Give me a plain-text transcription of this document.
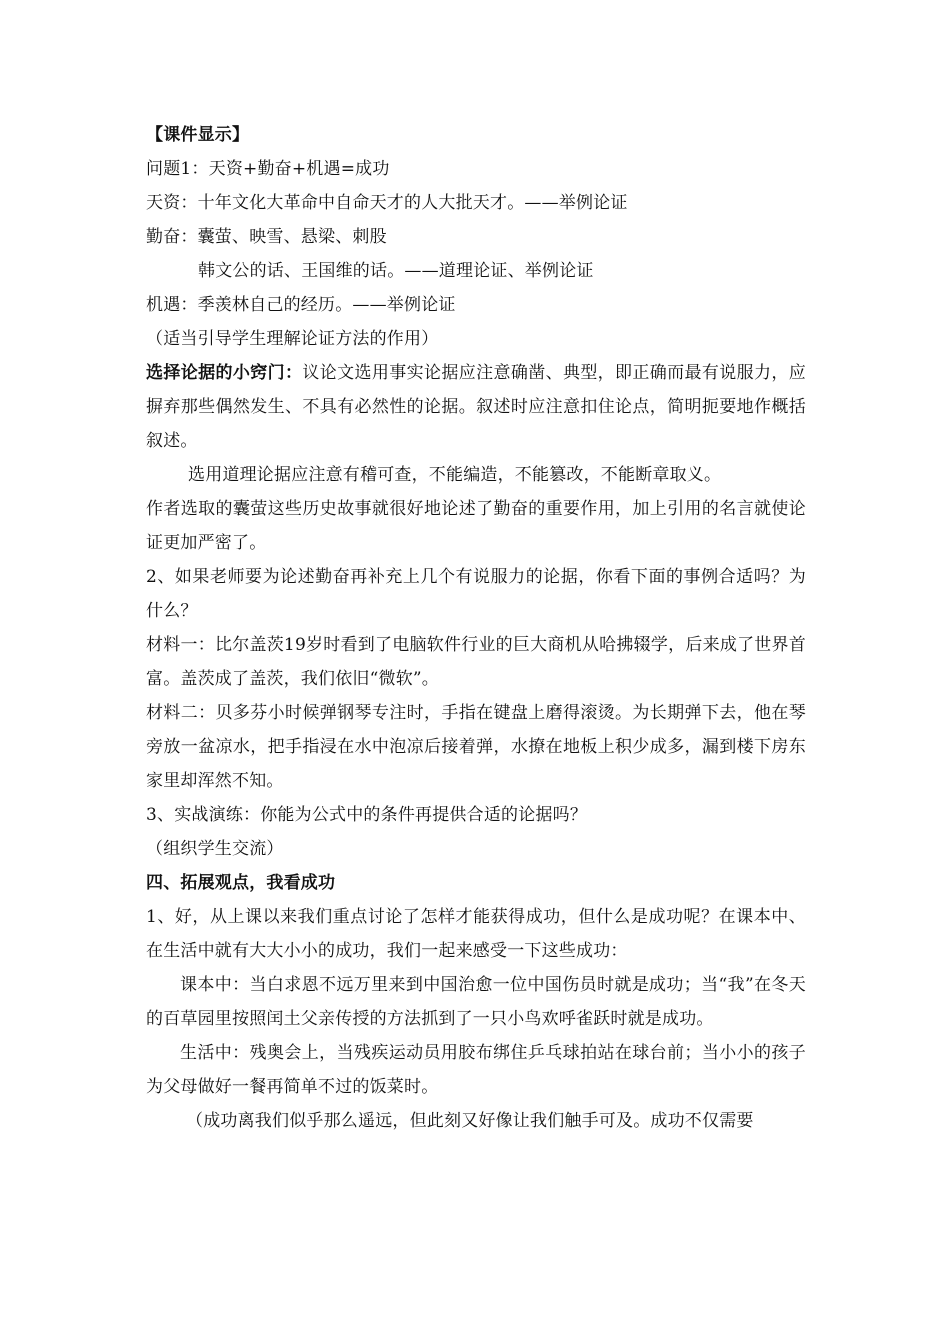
【课件显示】

问题1：天资+勤奋+机遇=成功

天资：十年文化大革命中自命天才的人大批天才。——举例论证

勤奋：囊萤、映雪、悬梁、刺股

韩文公的话、王国维的话。——道理论证、举例论证

机遇：季羡林自己的经历。——举例论证

（适当引导学生理解论证方法的作用）

选择论据的小窍门：议论文选用事实论据应注意确凿、典型，即正确而最有说服力，应摒弃那些偶然发生、不具有必然性的论据。叙述时应注意扣住论点，简明扼要地作概括叙述。

选用道理论据应注意有稽可查，不能编造，不能篡改，不能断章取义。

作者选取的囊萤这些历史故事就很好地论述了勤奋的重要作用，加上引用的名言就使论证更加严密了。

2、如果老师要为论述勤奋再补充上几个有说服力的论据，你看下面的事例合适吗？为什么？

材料一：比尔盖茨19岁时看到了电脑软件行业的巨大商机从哈拂辍学，后来成了世界首富。盖茨成了盖茨，我们依旧“微软”。

材料二：贝多芬小时候弹钢琴专注时，手指在键盘上磨得滚烫。为长期弹下去，他在琴旁放一盆凉水，把手指浸在水中泡凉后接着弹，水撩在地板上积少成多，漏到楼下房东家里却浑然不知。

3、实战演练：你能为公式中的条件再提供合适的论据吗？

（组织学生交流）

四、拓展观点，我看成功

1、好，从上课以来我们重点讨论了怎样才能获得成功，但什么是成功呢？在课本中、在生活中就有大大小小的成功，我们一起来感受一下这些成功：

课本中：当白求恩不远万里来到中国治愈一位中国伤员时就是成功；当“我”在冬天的百草园里按照闰土父亲传授的方法抓到了一只小鸟欢呼雀跃时就是成功。

生活中：残奥会上，当残疾运动员用胶布绑住乒乓球拍站在球台前；当小小的孩子为父母做好一餐再简单不过的饭菜时。

（成功离我们似乎那么遥远，但此刻又好像让我们触手可及。成功不仅需要
